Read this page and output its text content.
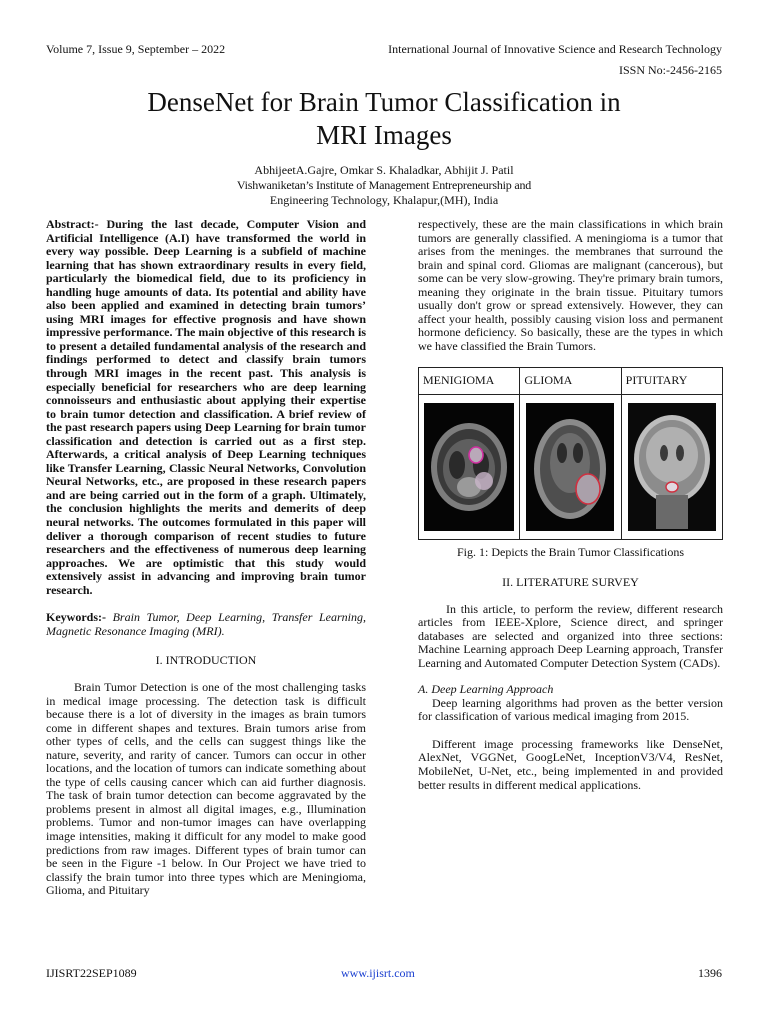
Volume 7, Issue 9, September – 2022	International Journal of Innovative Science and Research Technology
ISSN No:-2456-2165
DenseNet for Brain Tumor Classification in
MRI Images
AbhijeetA.Gajre, Omkar S. Khaladkar, Abhijit J. Patil
Vishwaniketan’s Institute of Management Entrepreneurship and
Engineering Technology, Khalapur,(MH), India

Abstract:- During the last decade, Computer Vision and Artificial Intelligence (A.I) have transformed the world in every way possible. Deep Learning is a subfield of machine learning that has shown extraordinary results in every field, particularly the biomedical field, due to its proficiency in handling huge amounts of data. Its potential and ability have also been applied and examined in detecting brain tumors’ using MRI images for effective prognosis and have shown impressive performance. The main objective of this research is to present a detailed fundamental analysis of the research and findings performed to detect and classify brain tumors through MRI images in the recent past. This analysis is especially beneficial for researchers who are deep learning connoisseurs and enthusiastic about applying their expertise to brain tumor detection and classification. A brief review of the past research papers using Deep Learning for brain tumor classification and detection is carried out as a first step. Afterwards, a critical analysis of Deep Learning techniques like Transfer Learning, Classic Neural Networks, Convolution Neural Networks, etc., are proposed in these research papers and are being carried out in the form of a graph. Ultimately, the conclusion highlights the merits and demerits of deep neural networks. The outcomes formulated in this paper will deliver a thorough comparison of recent studies to future researchers and the effectiveness of numerous deep learning approaches. We are optimistic that this study would extensively assist in advancing and improving brain tumor research.

Keywords:- Brain Tumor, Deep Learning, Transfer Learning, Magnetic Resonance Imaging (MRI).

I. INTRODUCTION

Brain Tumor Detection is one of the most challenging tasks in medical image processing. The detection task is difficult because there is a lot of diversity in the images as brain tumors come in different shapes and textures. Brain tumors arise from other types of cells, and the cells can suggest things like the nature, severity, and rarity of cancer. Tumors can occur in other locations, and the location of tumors can indicate something about the type of cells causing cancer which can aid further diagnosis. The task of brain tumor detection can become aggravated by the problems present in almost all digital images, e.g., Illumination problems. Tumor and non-tumor images can have overlapping image intensities, making it difficult for any model to make good predictions from raw images. Different types of brain tumor can be seen in the Figure -1 below. In Our Project we have tried to classify the brain tumor into three types which are Meningioma, Glioma, and Pituitary

respectively, these are the main classifications in which brain tumors are generally classified. A meningioma is a tumor that arises from the meninges. the membranes that surround the brain and spinal cord. Gliomas are malignant (cancerous), but some can be very slow-growing. They're primary brain tumors, meaning they originate in the brain tissue. Pituitary tumors usually don't grow or spread extensively. However, they can affect your health, possibly causing vision loss and permanent hormone deficiency. So basically, these are the types in which we have classified the Brain Tumors.

MENIGIOMA	GLIOMA	PITUITARY
Fig. 1: Depicts the Brain Tumor Classifications
II. LITERATURE SURVEY

In this article, to perform the review, different research articles from IEEE-Xplore, Science direct, and springer databases are selected and organized into three sections: Machine Learning approach Deep Learning approach, Transfer Learning and Automated Computer Detection System (CADs).

A. Deep Learning Approach

Deep learning algorithms had proven as the better version for classification of various medical imaging from 2015.

Different image processing frameworks like DenseNet, AlexNet, VGGNet, GoogLeNet, InceptionV3/V4, ResNet, MobileNet, U-Net, etc., being implemented in and provided better results in different medical applications.

IJISRT22SEP1089	www.ijisrt.com	1396
